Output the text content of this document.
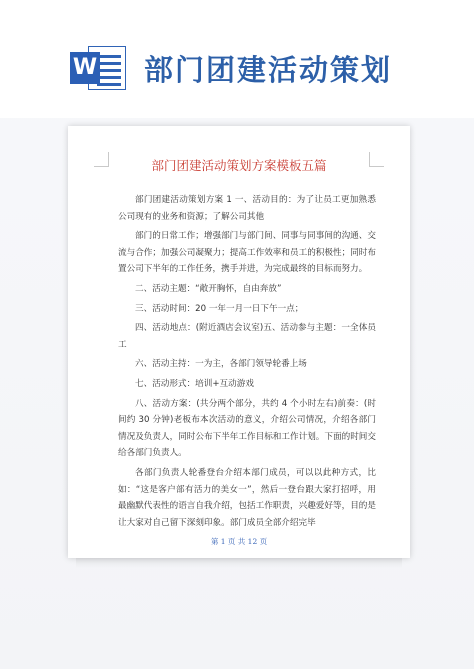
W 部门团建活动策划
部门团建活动策划方案模板五篇

部门团建活动策划方案 1 一、活动目的：为了让员工更加熟悉公司现有的业务和资源；了解公司其他

部门的日常工作；增强部门与部门间、同事与同事间的沟通、交流与合作；加强公司凝聚力；提高工作效率和员工的积极性；同时布置公司下半年的工作任务，携手并进，为完成最终的目标而努力。

二、活动主题：“敞开胸怀，自由奔放”

三、活动时间：20 一年一月一日下午一点；

四、活动地点：(附近酒店会议室)五、活动参与主题：一全体员工

六、活动主持：一为主，各部门领导轮番上场

七、活动形式：培训+互动游戏

八、活动方案：(共分两个部分，共约 4 个小时左右)前奏：(时间约 30 分钟)老板布本次活动的意义，介绍公司情况，介绍各部门情况及负责人，同时公布下半年工作目标和工作计划。下面的时间交给各部门负责人。

各部门负责人轮番登台介绍本部门成员，可以以此种方式，比如：“这是客户部有活力的美女一”，然后一登台跟大家打招呼，用最幽默代表性的语言自我介绍，包括工作职责，兴趣爱好等，目的是让大家对自己留下深刻印象。部门成员全部介绍完毕

第 1 页 共 12 页
